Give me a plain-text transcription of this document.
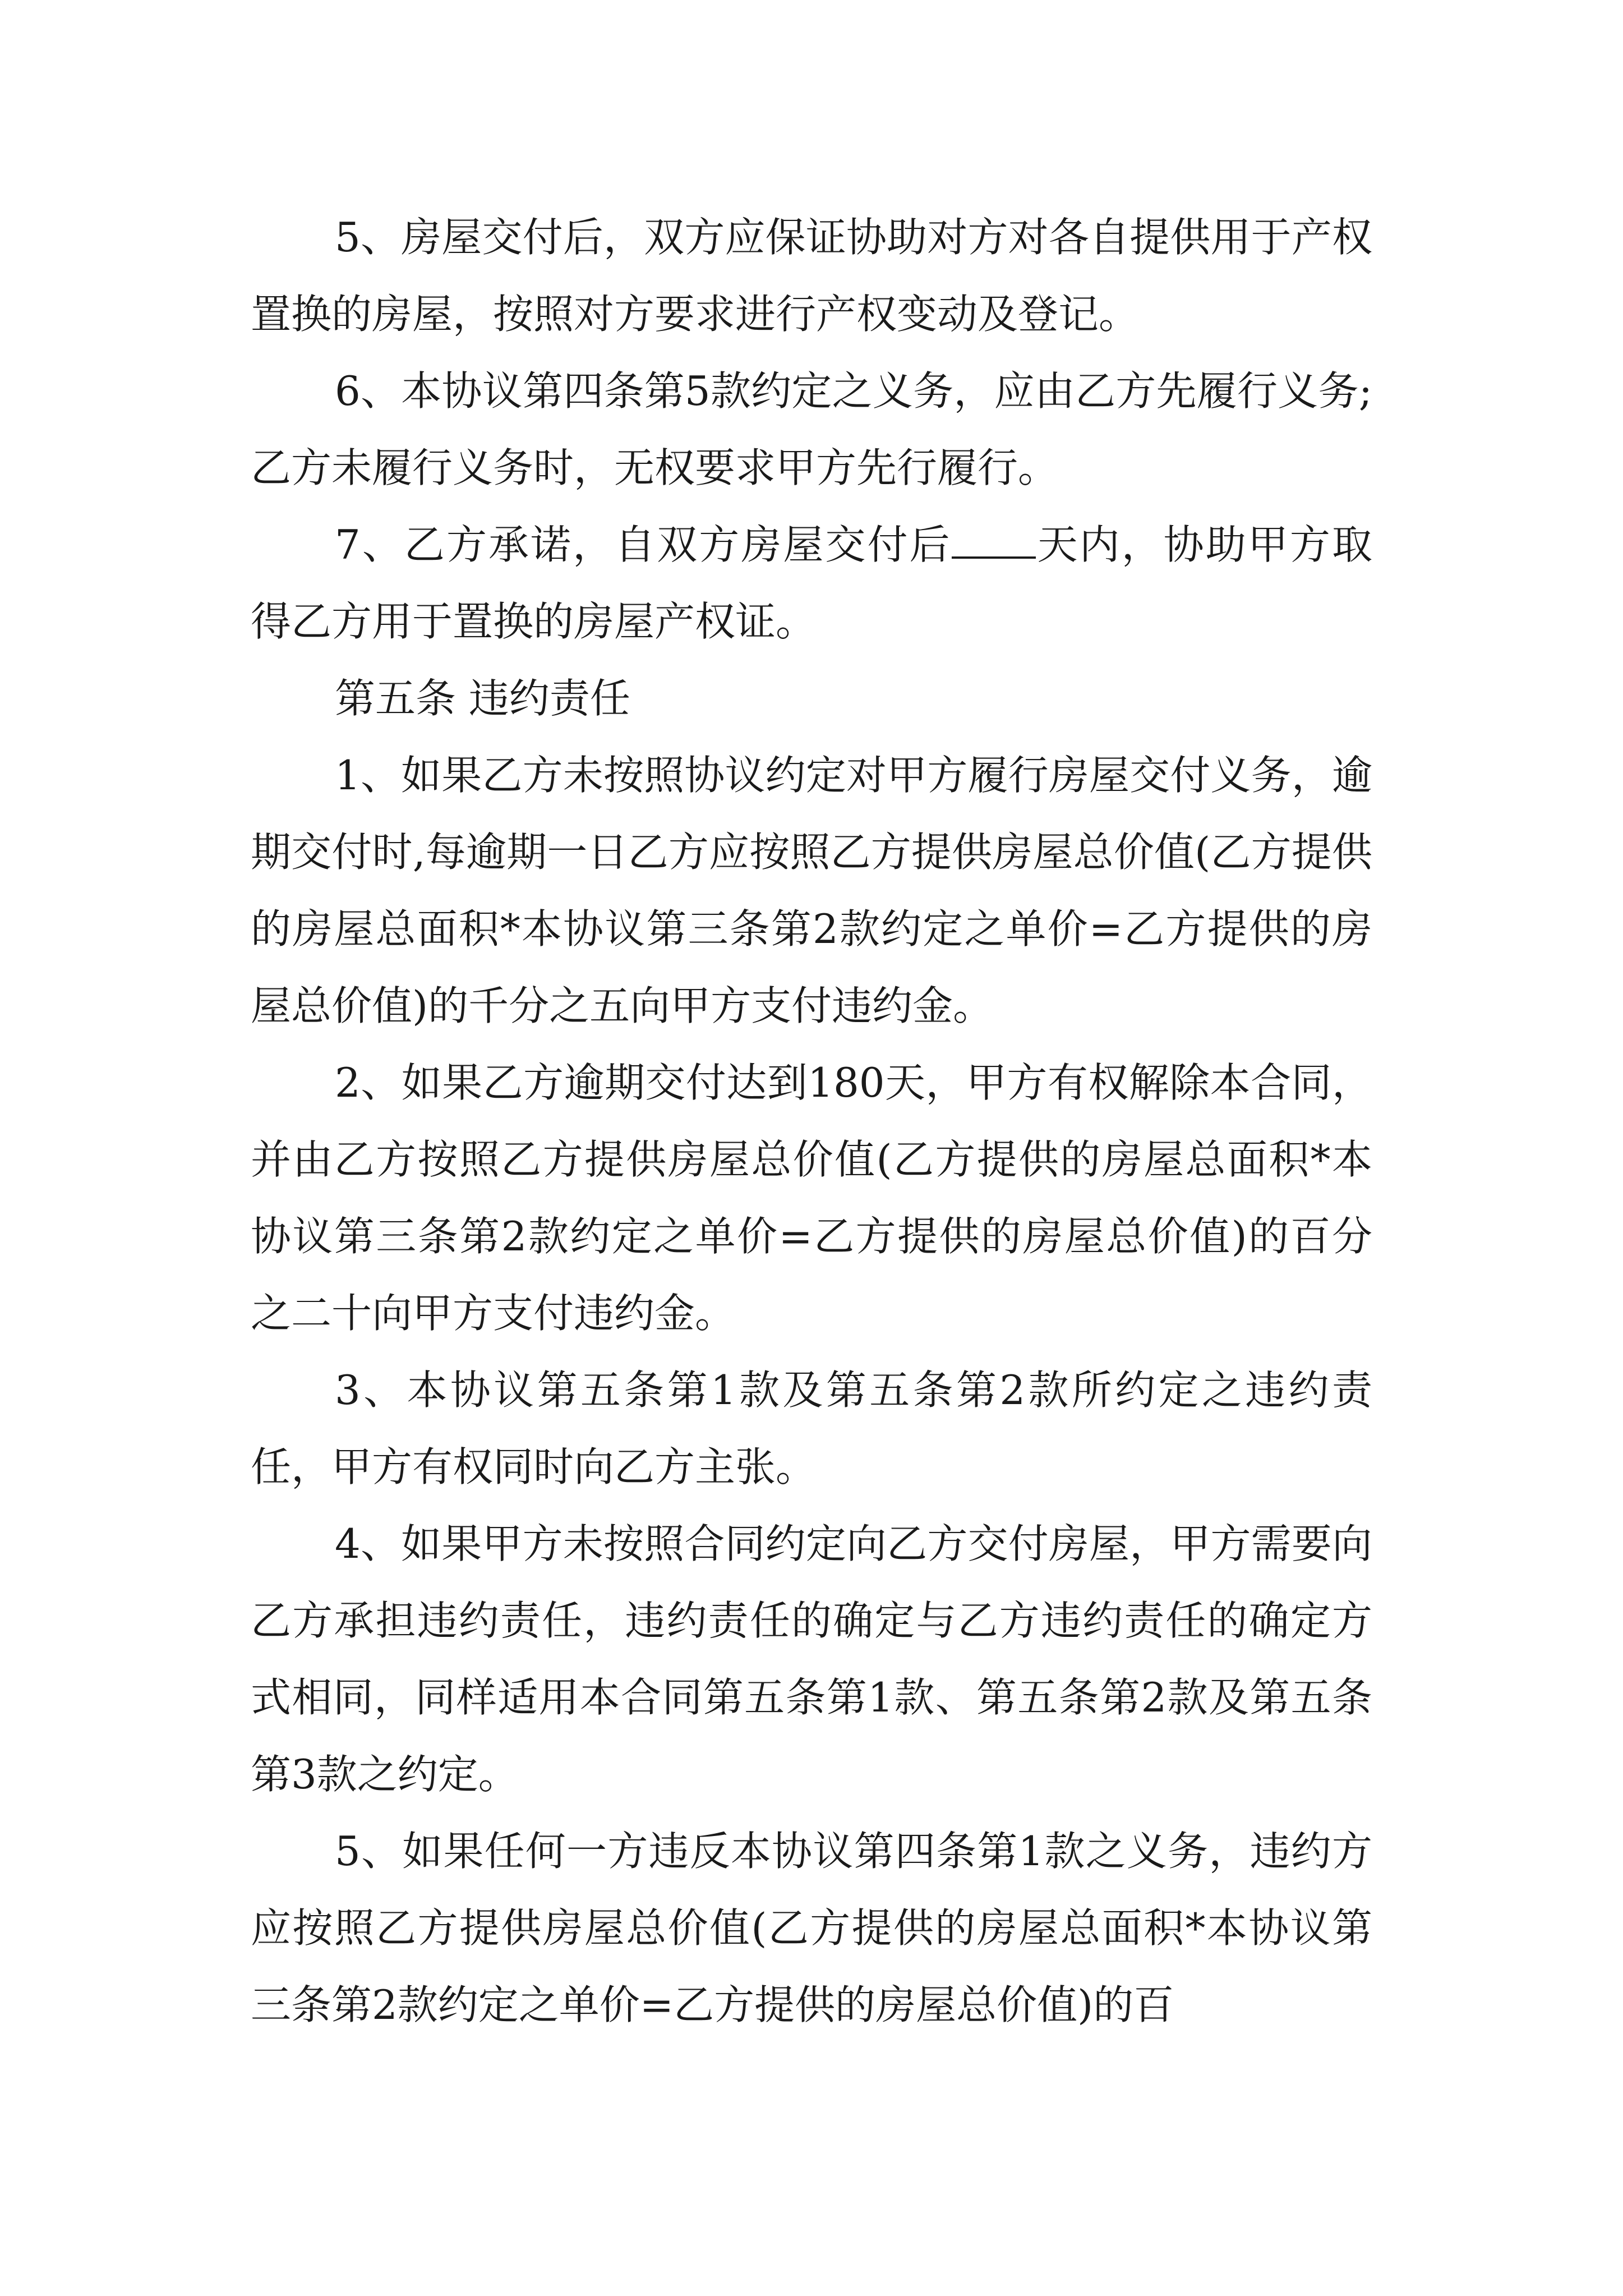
5、房屋交付后，双方应保证协助对方对各自提供用于产权置换的房屋，按照对方要求进行产权变动及登记。

6、本协议第四条第5款约定之义务，应由乙方先履行义务;乙方未履行义务时，无权要求甲方先行履行。

7、乙方承诺，自双方房屋交付后 天内，协助甲方取得乙方用于置换的房屋产权证。

第五条 违约责任

1、如果乙方未按照协议约定对甲方履行房屋交付义务，逾期交付时,每逾期一日乙方应按照乙方提供房屋总价值(乙方提供的房屋总面积*本协议第三条第2款约定之单价=乙方提供的房屋总价值)的千分之五向甲方支付违约金。

2、如果乙方逾期交付达到180天，甲方有权解除本合同，并由乙方按照乙方提供房屋总价值(乙方提供的房屋总面积*本协议第三条第2款约定之单价=乙方提供的房屋总价值)的百分之二十向甲方支付违约金。

3、本协议第五条第1款及第五条第2款所约定之违约责任，甲方有权同时向乙方主张。

4、如果甲方未按照合同约定向乙方交付房屋，甲方需要向乙方承担违约责任，违约责任的确定与乙方违约责任的确定方式相同，同样适用本合同第五条第1款、第五条第2款及第五条第3款之约定。

5、如果任何一方违反本协议第四条第1款之义务，违约方应按照乙方提供房屋总价值(乙方提供的房屋总面积*本协议第三条第2款约定之单价=乙方提供的房屋总价值)的百
